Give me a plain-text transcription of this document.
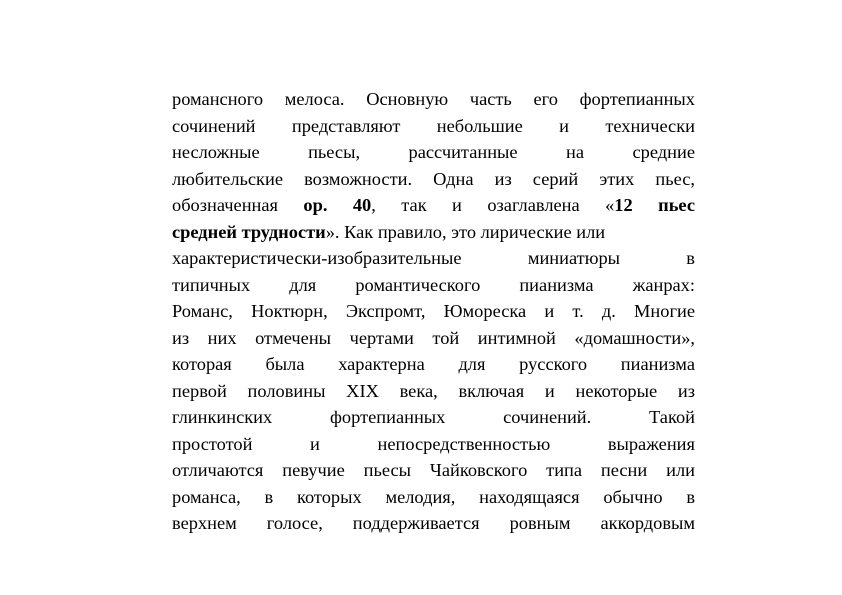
романсного мелоса. Основную часть его фортепианных
сочинений представляют небольшие и технически
несложные пьесы, рассчитанные на средние
любительские возможности. Одна из серий этих пьес,
обозначенная ор. 40, так и озаглавлена «12 пьес
средней трудности». Как правило, это лирические или
характеристически-изобразительные миниатюры в
типичных для романтического пианизма жанрах:
Романс, Ноктюрн, Экспромт, Юмореска и т. д. Многие
из них отмечены чертами той интимной «домашности»,
которая была характерна для русского пианизма
первой половины XIX века, включая и некоторые из
глинкинских фортепианных сочинений. Такой
простотой и непосредственностью выражения
отличаются певучие пьесы Чайковского типа песни или
романса, в которых мелодия, находящаяся обычно в
верхнем голосе, поддерживается ровным аккордовым
